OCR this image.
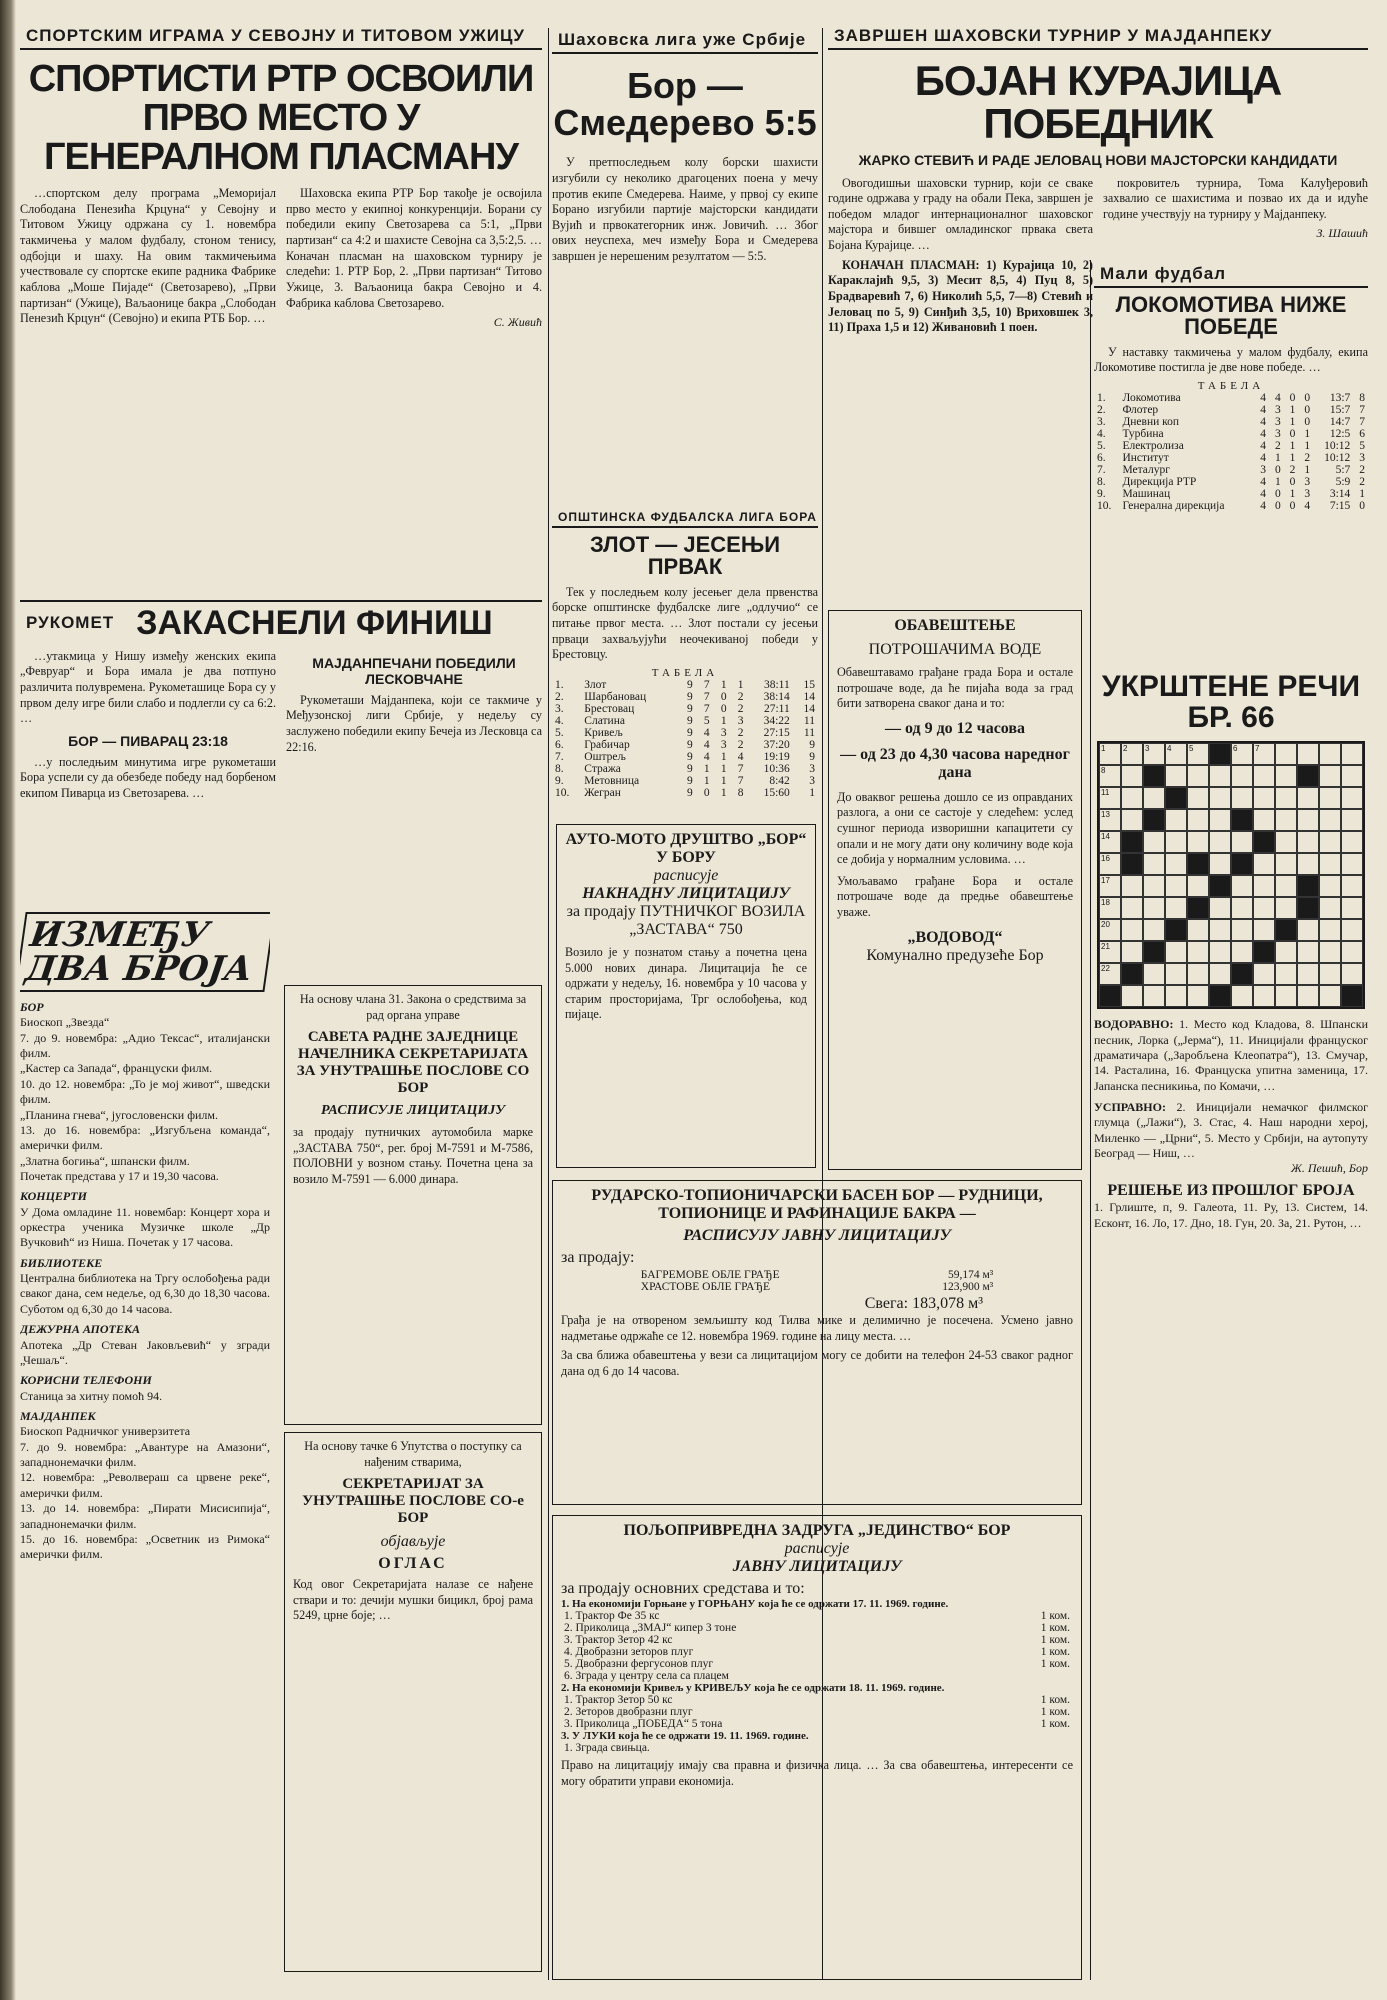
СПОРТСКИМ ИГРАМА У СЕВОЈНУ И ТИТОВОМ УЖИЦУ
СПОРТИСТИ РТР ОСВОИЛИ ПРВО МЕСТО У ГЕНЕРАЛНОМ ПЛАСМАНУ

…спортском делу програма „Меморијал Слободана Пенезића Крцуна“ у Севојну и Титовом Ужицу одржана су 1. новембра такмичења у малом фудбалу, стоном тенису, одбојци и шаху. На овим такмичењима учествовале су спортске екипе радника Фабрике каблова „Моше Пијаде“ (Светозарево), „Први партизан“ (Ужице), Ваљаонице бакра „Слободан Пенезић Крцун“ (Севојно) и екипа РТБ Бор. …

Шаховска екипа РТР Бор такође је освојила прво место у екипној конкуренцији. Борани су победили екипу Светозарева са 5:1, „Први партизан“ са 4:2 и шахисте Севојна са 3,5:2,5. … Коначан пласман на шаховском турниру је следећи: 1. РТР Бор, 2. „Први партизан“ Титово Ужице, 3. Ваљаоница бакра Севојно и 4. Фабрика каблова Светозарево.

С. Живић
РУКОМЕТ ЗАКАСНЕЛИ ФИНИШ

…утакмица у Нишу између женских екипа „Февруар“ и Бора имала је два потпуно различита полувремена. Рукометашице Бора су у првом делу игре били слабо и подлегли су са 6:2. …

БОР — ПИВАРАЦ 23:18

…у последњим минутима игре рукометаши Бора успели су да обезбеде победу над борбеном екипом Пиварца из Светозарева. …

МАЈДАНПЕЧАНИ ПОБЕДИЛИ ЛЕСКОВЧАНЕ

Рукометаши Мајданпека, који се такмиче у Међузонској лиги Србије, у недељу су заслужено победили екипу Бечеја из Лесковца са 22:16.

ИЗМЕЂУ ДВА БРОЈА
БОР
Биоскоп „Звезда“
7. до 9. новембра: „Адио Тексас“, италијански филм.
„Кастер са Запада“, француски филм.
10. до 12. новембра: „То је мој живот“, шведски филм.
„Планина гнева“, југословенски филм.
13. до 16. новембра: „Изгубљена команда“, амерички филм.
„Златна богиња“, шпански филм.
Почетак представа у 17 и 19,30 часова.
КОНЦЕРТИ
У Дома омладине 11. новембар: Концерт хора и оркестра ученика Музичке школе „Др Вучковић“ из Ниша. Почетак у 17 часова.
БИБЛИОТЕКЕ
Централна библиотека на Тргу ослобођења ради сваког дана, сем недеље, од 6,30 до 18,30 часова. Суботом од 6,30 до 14 часова.
ДЕЖУРНА АПОТЕКА
Апотека „Др Стеван Јаковљевић“ у згради „Чешаљ“.
КОРИСНИ ТЕЛЕФОНИ
Станица за хитну помоћ 94.
МАЈДАНПЕК
Биоскоп Радничког универзитета
7. до 9. новембра: „Авантуре на Амазони“, западнонемачки филм.
12. новембра: „Револвераш са црвене реке“, амерички филм.
13. до 14. новембра: „Пирати Мисисипија“, западнонемачки филм.
15. до 16. новембра: „Осветник из Римока“ амерички филм.
На основу члана 31. Закона о средствима за рад органа управе
САВЕТА РАДНЕ ЗАЈЕДНИЦЕ НАЧЕЛНИКА СЕКРЕТАРИЈАТА ЗА УНУТРАШЊЕ ПОСЛОВЕ СО БОР
РАСПИСУЈЕ ЛИЦИТАЦИЈУ
за продају путничких аутомобила марке „ЗАСТАВА 750“, рег. број М-7591 и М-7586, ПОЛОВНИ у возном стању. Почетна цена за возило М-7591 — 6.000 динара.
На основу тачке 6 Упутства о поступку са нађеним стварима,
СЕКРЕТАРИЈАТ ЗА УНУТРАШЊЕ ПОСЛОВЕ СО-е БОР
објављује
ОГЛАС
Код овог Секретаријата налазе се нађене ствари и то: дечији мушки бицикл, број рама 5249, црне боје; …
Шаховска лига уже Србије
Бор — Смедерево 5:5

У претпоследњем колу борски шахисти изгубили су неколико драгоцених поена у мечу против екипе Смедерева. Наиме, у првој су екипе Борано изгубили партије мајсторски кандидати Вујић и првокатегорник инж. Јовичић. … Због ових неуспеха, меч између Бора и Смедерева завршен је нерешеним резултатом — 5:5.

ОПШТИНСКА ФУДБАЛСКА ЛИГА БОРА
ЗЛОТ — ЈЕСЕЊИ ПРВАК

Тек у последњем колу јесењег дела првенства борске општинске фудбалске лиге „одлучио“ се питање првог места. … Злот постали су јесењи прваци захваљујући неочекиваној победи у Брестовцу.

ТАБЕЛА
1.	Злот	9	7	1	1	38:11	15
2.	Шарбановац	9	7	0	2	38:14	14
3.	Брестовац	9	7	0	2	27:11	14
4.	Слатина	9	5	1	3	34:22	11
5.	Кривељ	9	4	3	2	27:15	11
6.	Грабичар	9	4	3	2	37:20	9
7.	Оштрељ	9	4	1	4	19:19	9
8.	Стража	9	1	1	7	10:36	3
9.	Метовница	9	1	1	7	8:42	3
10.	Жегран	9	0	1	8	15:60	1
АУТО-МОТО ДРУШТВО „БОР“ У БОРУ
расписује
НАКНАДНУ ЛИЦИТАЦИЈУ
за продају ПУТНИЧКОГ ВОЗИЛА „ЗАСТАВА“ 750
Возило је у познатом стању а почетна цена 5.000 нових динара. Лицитација ће се одржати у недељу, 16. новембра у 10 часова у старим просторијама, Трг ослобођења, код пијаце.
ЗАВРШЕН ШАХОВСКИ ТУРНИР У МАЈДАНПЕКУ
БОЈАН КУРАЈИЦА ПОБЕДНИК
ЖАРКО СТЕВИЋ И РАДЕ ЈЕЛОВАЦ НОВИ МАЈСТОРСКИ КАНДИДАТИ

Овогодишњи шаховски турнир, који се сваке године одржава у граду на обали Пека, завршен је победом младог интернационалног шаховског мајстора и бившег омладинског првака света Бојана Курајице. …

КОНАЧАН ПЛАСМАН: 1) Курајица 10, 2) Караклајић 9,5, 3) Месит 8,5, 4) Пуц 8, 5) Брадваревић 7, 6) Николић 5,5, 7—8) Стевић и Јеловац по 5, 9) Синђић 3,5, 10) Вриховшек 3, 11) Праха 1,5 и 12) Живановић 1 поен.

покровитељ турнира, Тома Калуђеровић захвалио се шахистима и позвао их да и идуће године учествују на турниру у Мајданпеку.

З. Шашић
ОБАВЕШТЕЊЕ
ПОТРОШАЧИМА ВОДЕ
Обавештавамо грађане града Бора и остале потрошаче воде, да ће пијаћа вода за град бити затворена сваког дана и то:
— од 9 до 12 часова
— од 23 до 4,30 часова наредног дана
До оваквог решења дошло се из оправданих разлога, а они се састоје у следећем: услед сушног периода изворишни капацитети су опали и не могу дати ону количину воде која се добија у нормалним условима. …
Умољавамо грађане Бора и остале потрошаче воде да предње обавештење уваже.
„ВОДОВОД“
Комунално предузеће Бор
Мали фудбал
ЛОКОМОТИВА НИЖЕ ПОБЕДЕ

У наставку такмичења у малом фудбалу, екипа Локомотиве постигла је две нове победе. …

ТАБЕЛА
1.	Локомотива	4	4	0	0	13:7	8
2.	Флотер	4	3	1	0	15:7	7
3.	Дневни коп	4	3	1	0	14:7	7
4.	Турбина	4	3	0	1	12:5	6
5.	Електролиза	4	2	1	1	10:12	5
6.	Институт	4	1	1	2	10:12	3
7.	Металург	3	0	2	1	5:7	2
8.	Дирекција РТР	4	1	0	3	5:9	2
9.	Машинац	4	0	1	3	3:14	1
10.	Генерална дирекција	4	0	0	4	7:15	0
УКРШТЕНЕ РЕЧИ БР. 66
1 2 3 4 5	6 7
8
11
13
14
16
17
18
20
21
22
ВОДОРАВНО: 1. Место код Кладова, 8. Шпански песник, Лорка („Јерма“), 11. Иницијали француског драматичара („Заробљена Клеопатра“), 13. Смучар, 14. Расталина, 16. Француска упитна заменица, 17. Јапанска песникиња, по Комачи, …
УСПРАВНО: 2. Иницијали немачког филмског глумца („Лажи“), 3. Стас, 4. Наш народни херој, Миленко — „Црни“, 5. Место у Србији, на аутопуту Београд — Ниш, …
Ж. Пешић, Бор
РЕШЕЊЕ ИЗ ПРОШЛОГ БРОЈА
1. Грлиште, п, 9. Галеота, 11. Ру, 13. Систем, 14. Есконт, 16. Ло, 17. Дно, 18. Гун, 20. За, 21. Рутон, …
РУДАРСКО-ТОПИОНИЧАРСКИ БАСЕН БОР — РУДНИЦИ, ТОПИОНИЦЕ И РАФИНАЦИЈЕ БАКРА —
РАСПИСУЈУ ЈАВНУ ЛИЦИТАЦИЈУ
за продају:
БАГРЕМОВЕ ОБЛЕ ГРАЂЕ	59,174 м³
ХРАСТОВЕ ОБЛЕ ГРАЂЕ	123,900 м³
Свега: 183,078 м³
Грађа је на отвореном земљишту код Тилва мике и делимично је посечена. Усмено јавно надметање одржаће се 12. новембра 1969. године на лицу места. …
За сва ближа обавештења у вези са лицитацијом могу се добити на телефон 24-53 сваког радног дана од 6 до 14 часова.
ПОЉОПРИВРЕДНА ЗАДРУГА „ЈЕДИНСТВО“ БОР
расписује
ЈАВНУ ЛИЦИТАЦИЈУ
за продају основних средстава и то:
1. На економији Горњане у ГОРЊАНУ која ће се одржати 17. 11. 1969. године.
1. Трактор Фе 35 кс	1 ком.
2. Приколица „ЗМАЈ“ кипер 3 тоне	1 ком.
3. Трактор Зетор 42 кс	1 ком.
4. Двобразни зеторов плуг	1 ком.
5. Двобразни фергусонов плуг	1 ком.
6. Зграда у центру села са плацем	
2. На економији Кривељ у КРИВЕЉУ која ће се одржати 18. 11. 1969. године.
1. Трактор Зетор 50 кс	1 ком.
2. Зеторов двобразни плуг	1 ком.
3. Приколица „ПОБЕДА“ 5 тона	1 ком.
3. У ЛУКИ која ће се одржати 19. 11. 1969. године.
1. Зграда свињца.	
Право на лицитацију имају сва правна и физичка лица. … За сва обавештења, интересенти се могу обратити управи економија.
